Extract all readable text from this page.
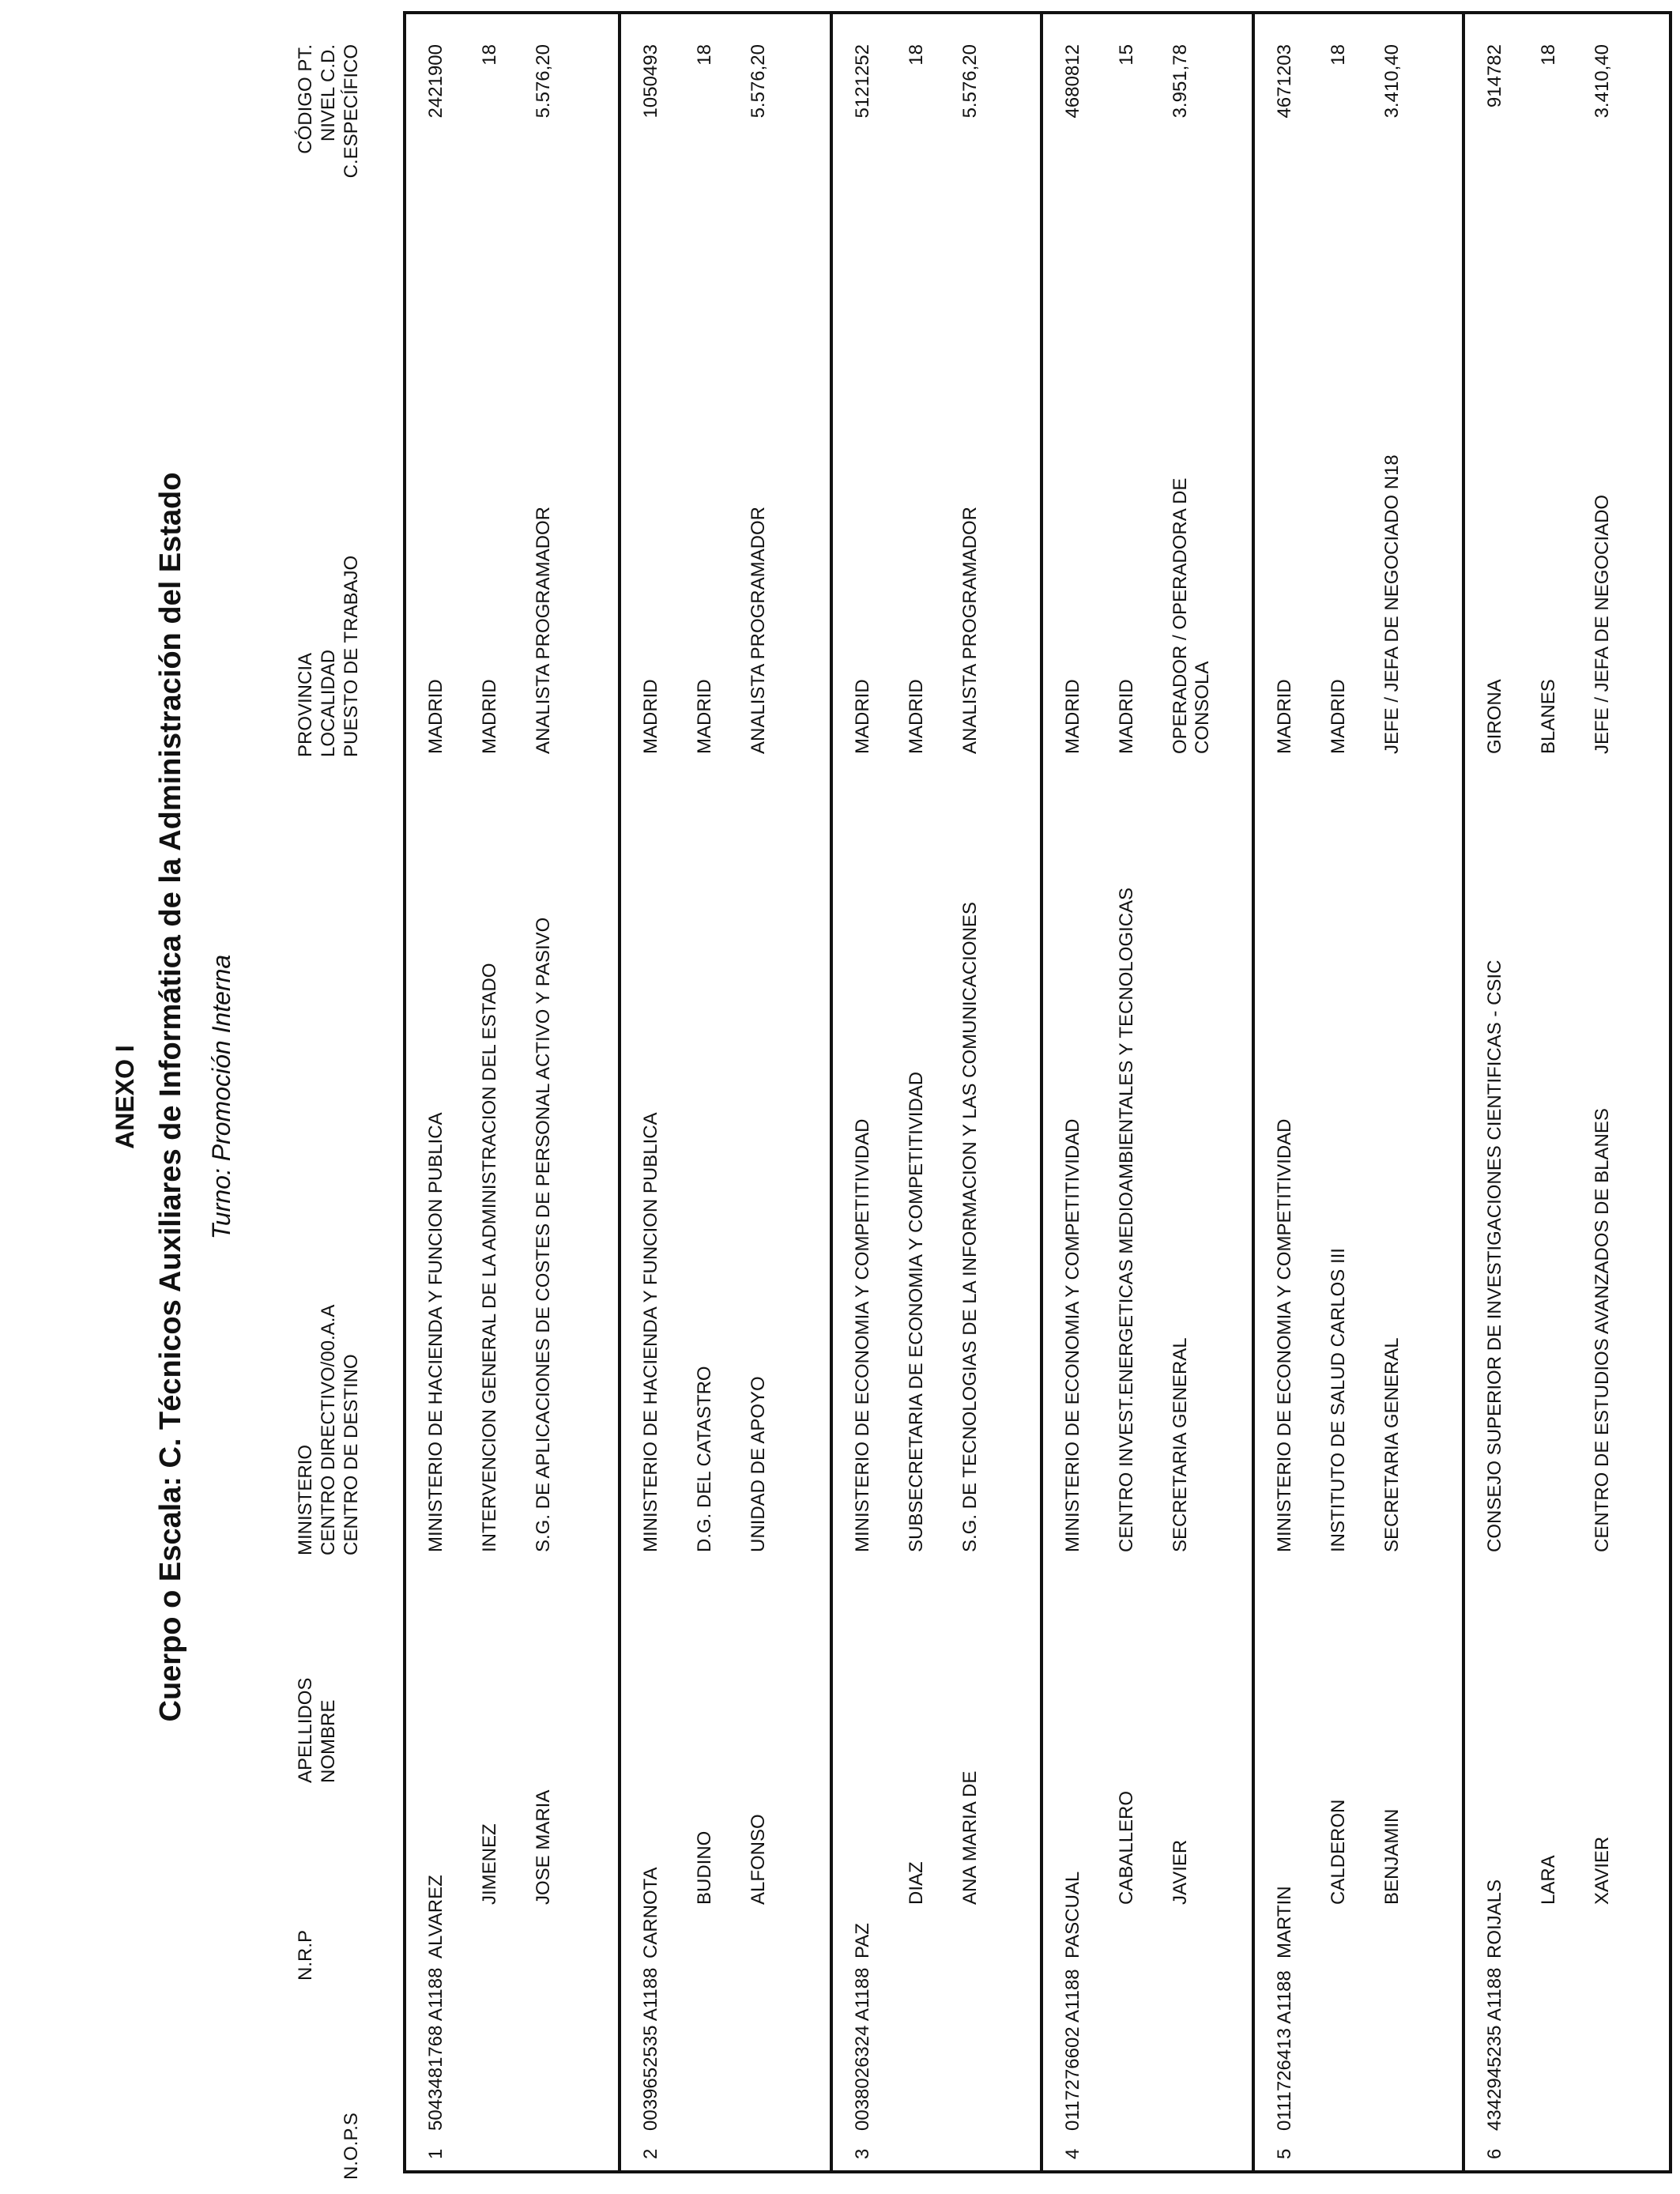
ANEXO I Cuerpo o Escala: C. Técnicos Auxiliares de Informática de la Administración del Estado Turno: Promoción Interna
N.O.P.S
N.R.P
APELLIDOS NOMBRE
MINISTERIO CENTRO DIRECTIVO/00.A.A CENTRO DE DESTINO
PROVINCIA LOCALIDAD PUESTO DE TRABAJO
CÓDIGO PT. NIVEL C.D. C.ESPECÍFICO
1
5043481768 A1188
ALVAREZ
JIMENEZ JOSE MARIA
MINISTERIO DE HACIENDA Y FUNCION PUBLICA INTERVENCION GENERAL DE LA ADMINISTRACION DEL ESTADO S.G. DE APLICACIONES DE COSTES DE PERSONAL ACTIVO Y PASIVO
MADRID MADRID ANALISTA PROGRAMADOR
2421900 18 5.576,20
2
0039652535 A1188
CARNOTA BUDINO ALFONSO
MINISTERIO DE HACIENDA Y FUNCION PUBLICA D.G. DEL CATASTRO UNIDAD DE APOYO
MADRID MADRID ANALISTA PROGRAMADOR
1050493 18 5.576,20
3
0038026324 A1188
PAZ
DIAZ ANA MARIA DE
MINISTERIO DE ECONOMIA Y COMPETITIVIDAD SUBSECRETARIA DE ECONOMIA Y COMPETITIVIDAD S.G. DE TECNOLOGIAS DE LA INFORMACION Y LAS COMUNICACIONES
MADRID MADRID ANALISTA PROGRAMADOR
5121252 18 5.576,20
4
0117276602 A1188
PASCUAL
CABALLERO JAVIER
MINISTERIO DE ECONOMIA Y COMPETITIVIDAD CENTRO INVEST.ENERGETICAS MEDIOAMBIENTALES Y TECNOLOGICAS SECRETARIA GENERAL
MADRID MADRID OPERADOR / OPERADORA DE CONSOLA
4680812 15 3.951,78
5
0111726413 A1188
MARTIN
CALDERON BENJAMIN
MINISTERIO DE ECONOMIA Y COMPETITIVIDAD INSTITUTO DE SALUD CARLOS III SECRETARIA GENERAL
MADRID MADRID JEFE / JEFA DE NEGOCIADO N18
4671203 18 3.410,40
6
4342945235 A1188
ROIJALS LARA XAVIER
CONSEJO SUPERIOR DE INVESTIGACIONES CIENTIFICAS - CSIC	CENTRO DE ESTUDIOS AVANZADOS DE BLANES
GIRONA BLANES JEFE / JEFA DE NEGOCIADO
914782 18 3.410,40
